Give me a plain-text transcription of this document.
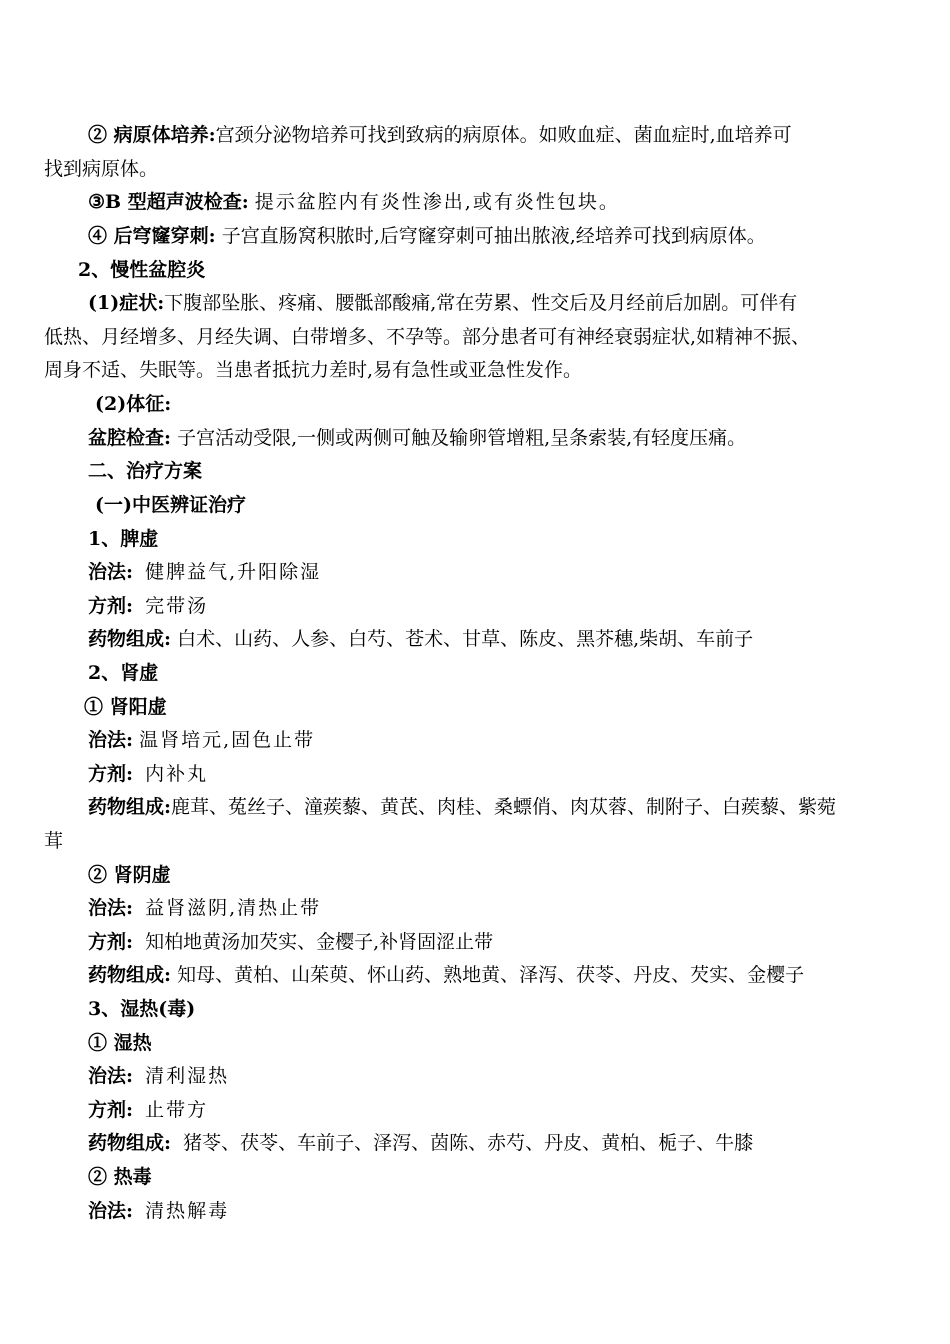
② 病原体培养:宫颈分泌物培养可找到致病的病原体。如败血症、菌血症时,血培养可
找到病原体。
③B 型超声波检查: 提示盆腔内有炎性渗出,或有炎性包块。
④ 后穹窿穿刺: 子宫直肠窝积脓时,后穹窿穿刺可抽出脓液,经培养可找到病原体。
2、慢性盆腔炎
(1)症状:下腹部坠胀、疼痛、腰骶部酸痛,常在劳累、性交后及月经前后加剧。可伴有
低热、月经增多、月经失调、白带增多、不孕等。部分患者可有神经衰弱症状,如精神不振、
周身不适、失眠等。当患者抵抗力差时,易有急性或亚急性发作。
(2)体征:
盆腔检查: 子宫活动受限,一侧或两侧可触及输卵管增粗,呈条索装,有轻度压痛。
二、治疗方案
(一)中医辨证治疗
1、脾虚
治法: 健脾益气,升阳除湿
方剂: 完带汤
药物组成: 白术、山药、人参、白芍、苍术、甘草、陈皮、黑芥穗,柴胡、车前子
2、肾虚
① 肾阳虚
治法: 温肾培元,固色止带
方剂: 内补丸
药物组成:鹿茸、菟丝子、潼蒺藜、黄芪、肉桂、桑螵俏、肉苁蓉、制附子、白蒺藜、紫菀
茸
② 肾阴虚
治法: 益肾滋阴,清热止带
方剂: 知柏地黄汤加芡实、金樱子,补肾固涩止带
药物组成: 知母、黄柏、山茱萸、怀山药、熟地黄、泽泻、茯苓、丹皮、芡实、金樱子
3、湿热(毒)
① 湿热
治法: 清利湿热
方剂: 止带方
药物组成: 猪苓、茯苓、车前子、泽泻、茵陈、赤芍、丹皮、黄柏、栀子、牛膝
② 热毒
治法: 清热解毒
